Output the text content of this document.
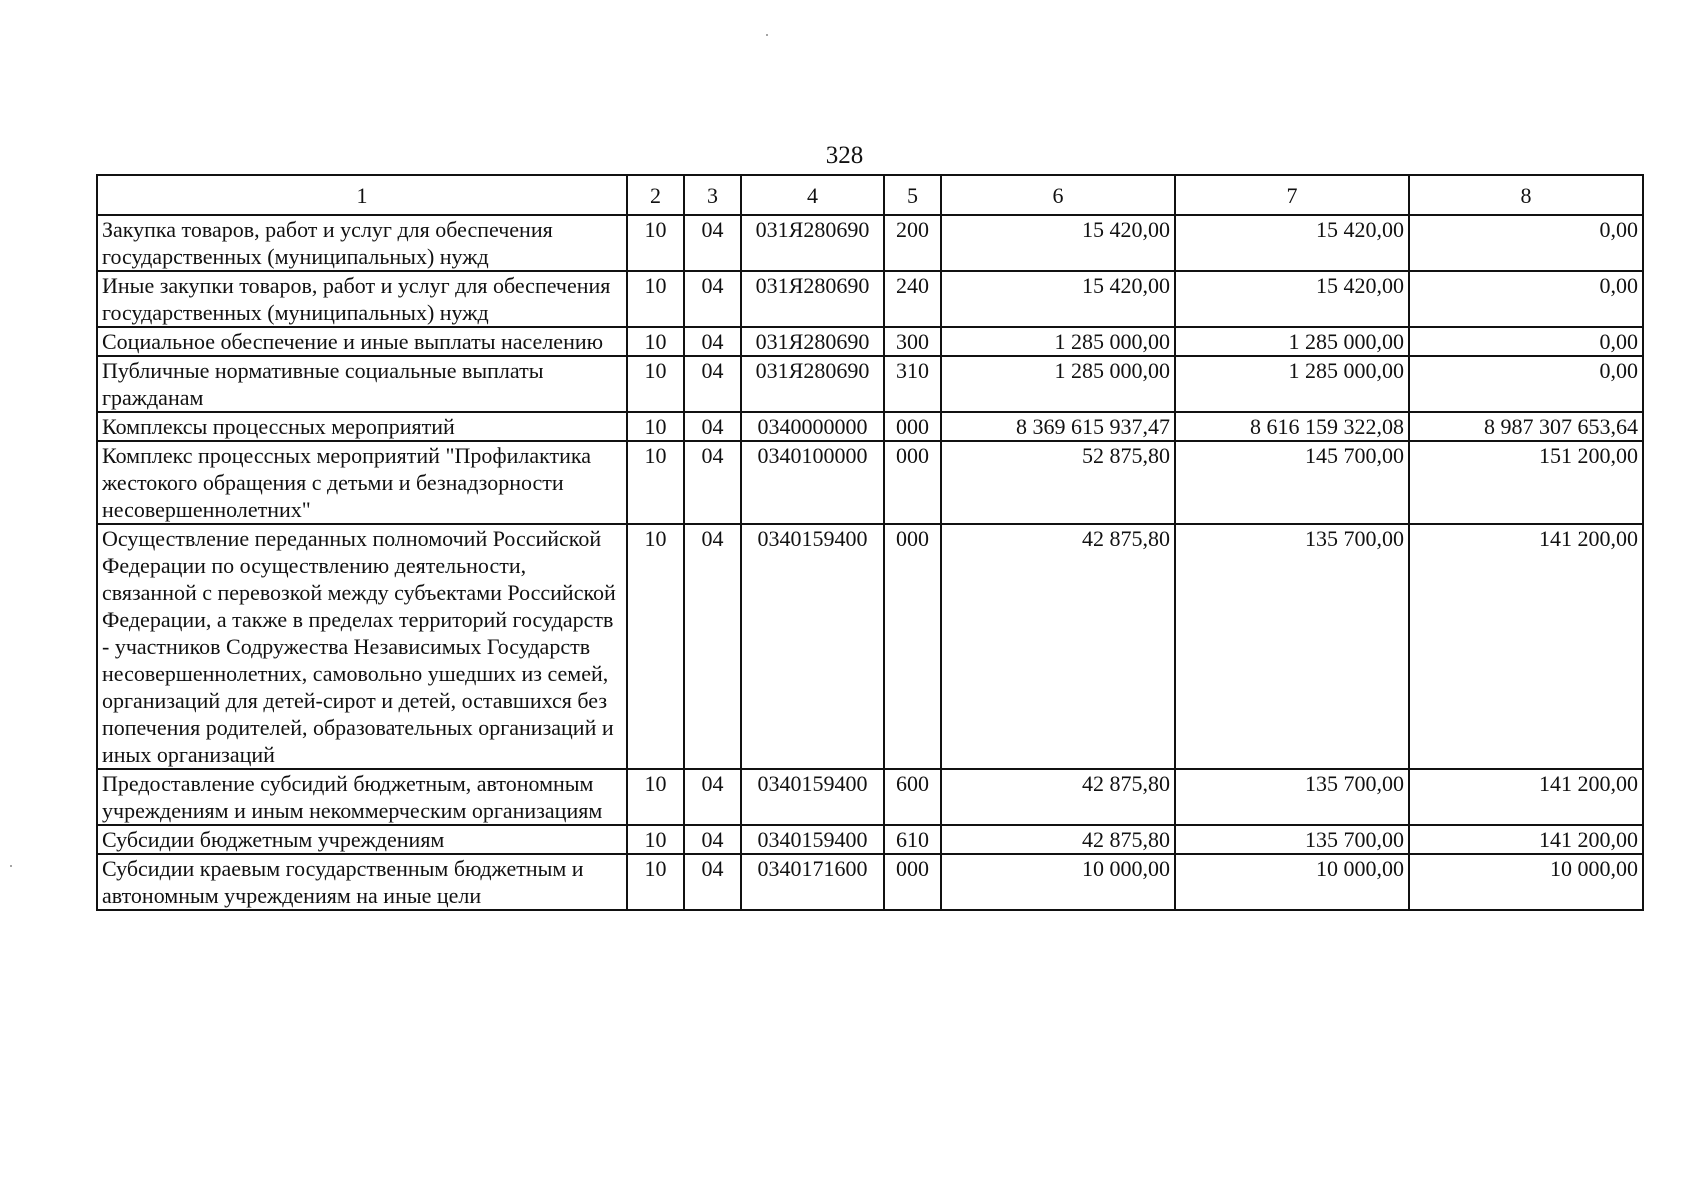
328
1	2	3	4	5	6	7	8
Закупка товаров, работ и услуг для обеспечения государственных (муниципальных) нужд	10	04	031Я280690	200	15 420,00	15 420,00	0,00
Иные закупки товаров, работ и услуг для обеспечения государственных (муниципальных) нужд	10	04	031Я280690	240	15 420,00	15 420,00	0,00
Социальное обеспечение и иные выплаты населению	10	04	031Я280690	300	1 285 000,00	1 285 000,00	0,00
Публичные нормативные социальные выплаты гражданам	10	04	031Я280690	310	1 285 000,00	1 285 000,00	0,00
Комплексы процессных мероприятий	10	04	0340000000	000	8 369 615 937,47	8 616 159 322,08	8 987 307 653,64
Комплекс процессных мероприятий "Профилактика жестокого обращения с детьми и безнадзорности несовершеннолетних"	10	04	0340100000	000	52 875,80	145 700,00	151 200,00
Осуществление переданных полномочий Российской Федерации по осуществлению деятельности, связанной с перевозкой между субъектами Российской Федерации, а также в пределах территорий государств - участников Содружества Независимых Государств несовершеннолетних, самовольно ушедших из семей, организаций для детей-сирот и детей, оставшихся без попечения родителей, образовательных организаций и иных организаций	10	04	0340159400	000	42 875,80	135 700,00	141 200,00
Предоставление субсидий бюджетным, автономным учреждениям и иным некоммерческим организациям	10	04	0340159400	600	42 875,80	135 700,00	141 200,00
Субсидии бюджетным учреждениям	10	04	0340159400	610	42 875,80	135 700,00	141 200,00
Субсидии краевым государственным бюджетным и автономным учреждениям на иные цели	10	04	0340171600	000	10 000,00	10 000,00	10 000,00
